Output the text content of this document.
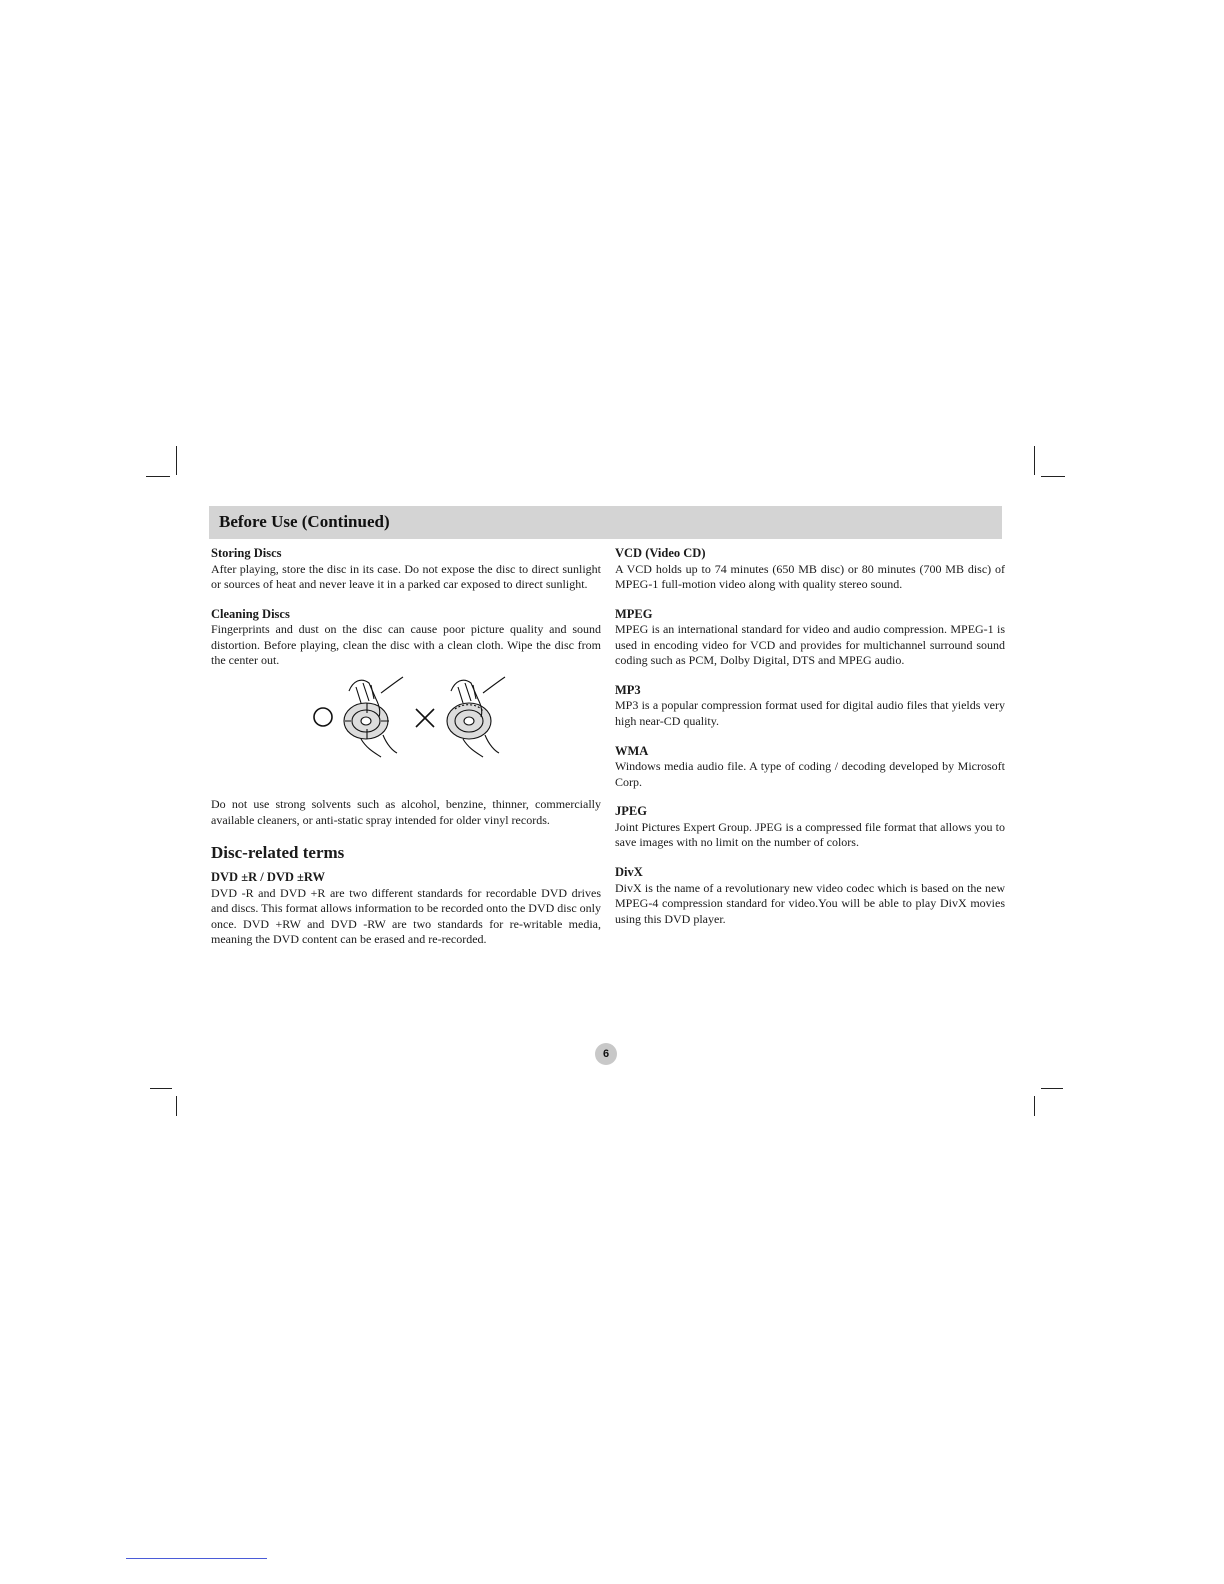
Before Use (Continued)
Storing Discs

After playing, store the disc in its case. Do not expose the disc to direct sunlight or sources of heat and never leave it in a parked car exposed to direct sunlight.

Cleaning Discs

Fingerprints and dust on the disc can cause poor picture quality and sound distortion. Before playing, clean the disc with a clean cloth. Wipe the disc from the center out.

Do not use strong solvents such as alcohol, benzine, thinner, commercially available cleaners, or anti-static spray intended for older vinyl records.

Disc-related terms
DVD ±R / DVD ±RW

DVD -R and DVD +R are two different standards for recordable DVD drives and discs. This format allows information to be recorded onto the DVD disc only once. DVD +RW and DVD -RW are two standards for re-writable media, meaning the DVD content can be erased and re-recorded.

VCD (Video CD)

A VCD holds up to 74 minutes (650 MB disc) or 80 minutes (700 MB disc) of MPEG-1 full-motion video along with quality stereo sound.

MPEG

MPEG is an international standard for video and audio compression. MPEG-1 is used in encoding video for VCD and provides for multichannel surround sound coding such as PCM, Dolby Digital, DTS and MPEG audio.

MP3

MP3 is a popular compression format used for digital audio files that yields very high near-CD quality.

WMA

Windows media audio file. A type of coding / decoding developed by Microsoft Corp.

JPEG

Joint Pictures Expert Group. JPEG is a compressed file format that allows you to save images with no limit on the number of colors.

DivX

DivX is the name of a revolutionary new video codec which is based on the new MPEG-4 compression standard for video.You will be able to play DivX movies using this DVD player.

6
